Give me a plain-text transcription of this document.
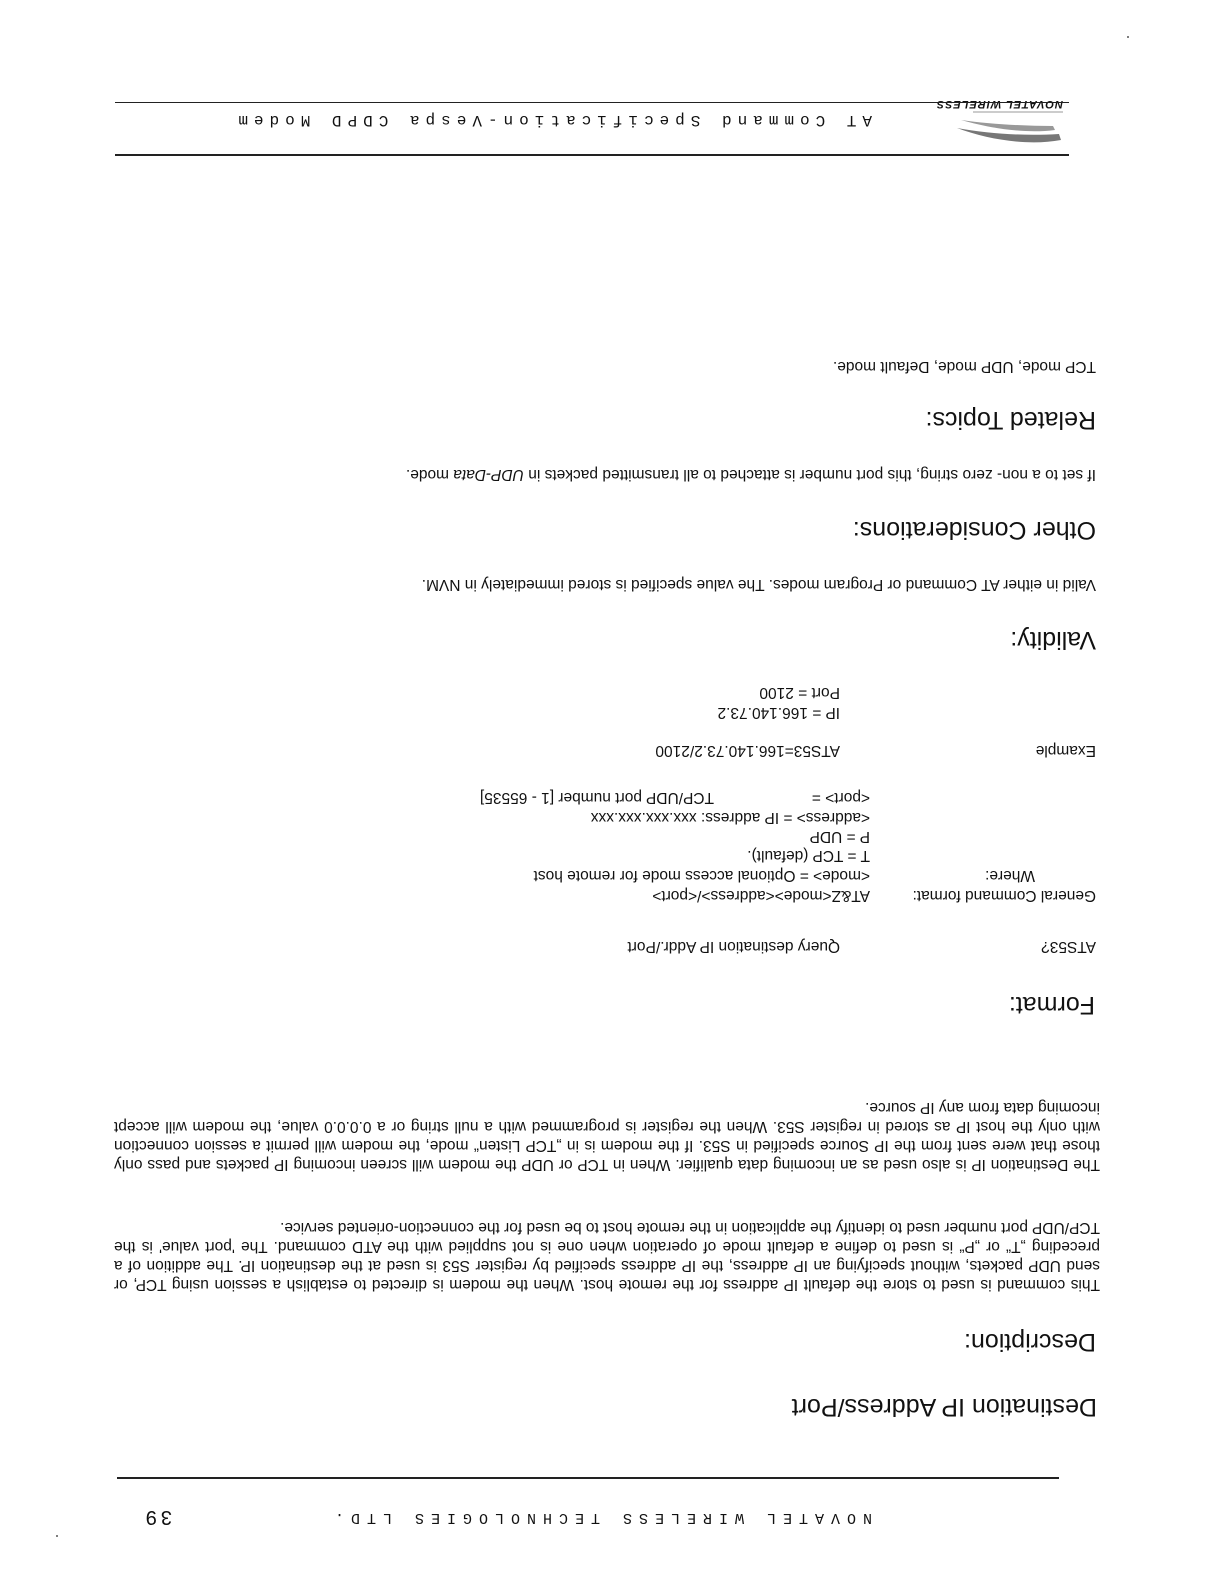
NOVATEL WIRELESS TECHNOLOGIES LTD.
39
Destination IP Address/Port
Description:
This command is used to store the default IP address for the remote host. When the modem is directed to establish a session using TCP, or send UDP packets, without specifying an IP address, the IP address specified by register S53 is used at the destination IP. The addition of a preceding „T“ or „P“ is used to define a default mode of operation when one is not supplied with the ATD command. The 'port value' is the TCP/UDP port number used to identify the application in the remote host to be used for the connection-oriented service.
The Destination IP is also used as an incoming data qualifier. When in TCP or UDP the modem will screen incoming IP packets and pass only those that were sent from the IP Source specified in S53. If the modem is in „TCP Listen“ mode, the modem will permit a session connection with only the host IP as stored in register S53. When the register is programmed with a null string or a 0.0.0.0 value, the modem will accept incoming data from any IP source.
Format:
ATS53?
Query destination IP Addr./Port
General Command format:
AT&Z<mode><address>/<port>
Where:
<mode> = Optional access mode for remote host
T = TCP (default).
P = UDP
<address> = IP address: xxx.xxx.xxx.xxx
<port> =
TCP/UDP port number [1 - 65535]
Example
ATS53=166.140.73.2/2100
IP = 166.140.73.2
Port = 2100
Validity:
Valid in either AT Command or Program modes. The value specified is stored immediately in NVM.
Other Considerations:
If set to a non- zero string, this port number is attached to all transmitted packets in UDP-Data mode.
Related Topics:
TCP mode, UDP mode, Default mode.
AT Command Specification-Vespa CDPD Modem
NOVATEL WIRELESS
